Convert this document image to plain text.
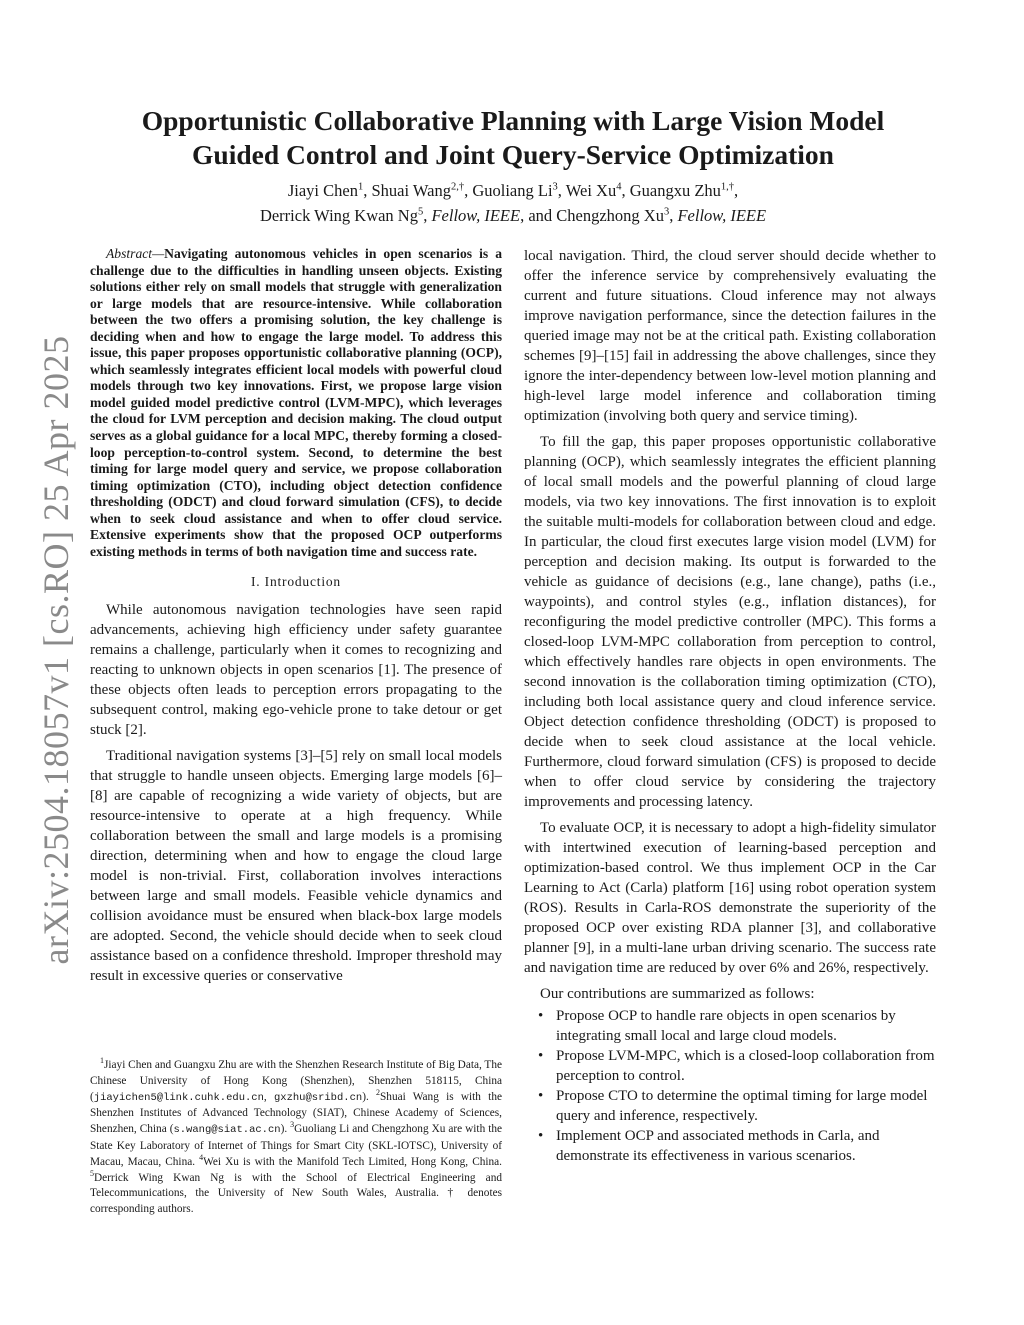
arXiv:2504.18057v1 [cs.RO] 25 Apr 2025
Opportunistic Collaborative Planning with Large Vision Model
Guided Control and Joint Query-Service Optimization
Jiayi Chen$^1$, Shuai Wang$^{2,\dagger}$, Guoliang Li$^3$, Wei Xu$^4$, Guangxu Zhu$^{1,\dagger}$,
Derrick Wing Kwan Ng$^5$, Fellow, IEEE, and Chengzhong Xu$^3$, Fellow, IEEE

Abstract—Navigating autonomous vehicles in open scenarios is a challenge due to the difficulties in handling unseen objects. Existing solutions either rely on small models that struggle with generalization or large models that are resource-intensive. While collaboration between the two offers a promising solution, the key challenge is deciding when and how to engage the large model. To address this issue, this paper proposes opportunistic collaborative planning (OCP), which seamlessly integrates efficient local models with powerful cloud models through two key innovations. First, we propose large vision model guided model predictive control (LVM-MPC), which leverages the cloud for LVM perception and decision making. The cloud output serves as a global guidance for a local MPC, thereby forming a closed-loop perception-to-control system. Second, to determine the best timing for large model query and service, we propose collaboration timing optimization (CTO), including object detection confidence thresholding (ODCT) and cloud forward simulation (CFS), to decide when to seek cloud assistance and when to offer cloud service. Extensive experiments show that the proposed OCP outperforms existing methods in terms of both navigation time and success rate.

I. Introduction

While autonomous navigation technologies have seen rapid advancements, achieving high efficiency under safety guarantee remains a challenge, particularly when it comes to recognizing and reacting to unknown objects in open scenarios [1]. The presence of these objects often leads to perception errors propagating to the subsequent control, making ego-vehicle prone to take detour or get stuck [2].

Traditional navigation systems [3]–[5] rely on small local models that struggle to handle unseen objects. Emerging large models [6]–[8] are capable of recognizing a wide variety of objects, but are resource-intensive to operate at a high frequency. While collaboration between the small and large models is a promising direction, determining when and how to engage the cloud large model is non-trivial. First, collaboration involves interactions between large and small models. Feasible vehicle dynamics and collision avoidance must be ensured when black-box large models are adopted. Second, the vehicle should decide when to seek cloud assistance based on a confidence threshold. Improper threshold may result in excessive queries or conservative

$^1$Jiayi Chen and Guangxu Zhu are with the Shenzhen Research Institute of Big Data, The Chinese University of Hong Kong (Shenzhen), Shenzhen 518115, China (jiayichen5@link.cuhk.edu.cn, gxzhu@sribd.cn). $^2$Shuai Wang is with the Shenzhen Institutes of Advanced Technology (SIAT), Chinese Academy of Sciences, Shenzhen, China (s.wang@siat.ac.cn). $^3$Guoliang Li and Chengzhong Xu are with the State Key Laboratory of Internet of Things for Smart City (SKL-IOTSC), University of Macau, Macau, China. $^4$Wei Xu is with the Manifold Tech Limited, Hong Kong, China. $^5$Derrick Wing Kwan Ng is with the School of Electrical Engineering and Telecommunications, the University of New South Wales, Australia. † denotes corresponding authors.

local navigation. Third, the cloud server should decide whether to offer the inference service by comprehensively evaluating the current and future situations. Cloud inference may not always improve navigation performance, since the detection failures in the queried image may not be at the critical path. Existing collaboration schemes [9]–[15] fail in addressing the above challenges, since they ignore the inter-dependency between low-level motion planning and high-level large model inference and collaboration timing optimization (involving both query and service timing).

To fill the gap, this paper proposes opportunistic collaborative planning (OCP), which seamlessly integrates the efficient planning of local small models and the powerful planning of cloud large models, via two key innovations. The first innovation is to exploit the suitable multi-models for collaboration between cloud and edge. In particular, the cloud first executes large vision model (LVM) for perception and decision making. Its output is forwarded to the vehicle as guidance of decisions (e.g., lane change), paths (i.e., waypoints), and control styles (e.g., inflation distances), for reconfiguring the model predictive controller (MPC). This forms a closed-loop LVM-MPC collaboration from perception to control, which effectively handles rare objects in open environments. The second innovation is the collaboration timing optimization (CTO), including both local assistance query and cloud inference service. Object detection confidence thresholding (ODCT) is proposed to decide when to seek cloud assistance at the local vehicle. Furthermore, cloud forward simulation (CFS) is proposed to decide when to offer cloud service by considering the trajectory improvements and processing latency.

To evaluate OCP, it is necessary to adopt a high-fidelity simulator with intertwined execution of learning-based perception and optimization-based control. We thus implement OCP in the Car Learning to Act (Carla) platform [16] using robot operation system (ROS). Results in Carla-ROS demonstrate the superiority of the proposed OCP over existing RDA planner [3], and collaborative planner [9], in a multi-lane urban driving scenario. The success rate and navigation time are reduced by over 6% and 26%, respectively.

Our contributions are summarized as follows:

• Propose OCP to handle rare objects in open scenarios by integrating small local and large cloud models.
• Propose LVM-MPC, which is a closed-loop collaboration from perception to control.
• Propose CTO to determine the optimal timing for large model query and inference, respectively.
• Implement OCP and associated methods in Carla, and demonstrate its effectiveness in various scenarios.
